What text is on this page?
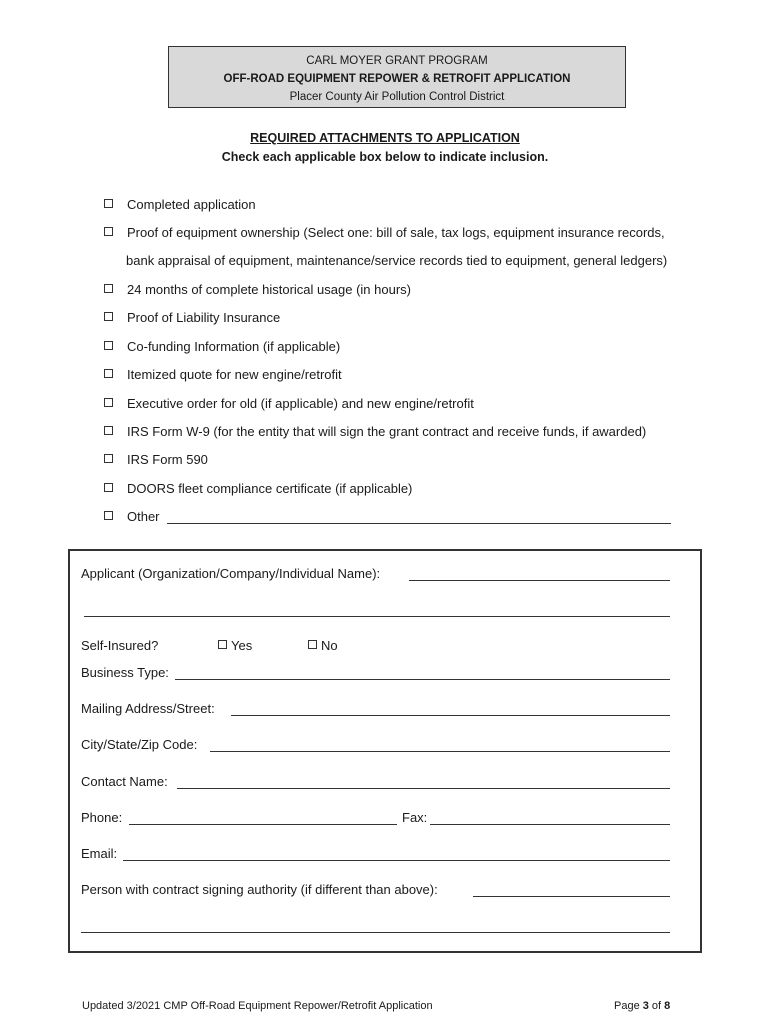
CARL MOYER GRANT PROGRAM
OFF-ROAD EQUIPMENT REPOWER & RETROFIT APPLICATION
Placer County Air Pollution Control District
REQUIRED ATTACHMENTS TO APPLICATION
Check each applicable box below to indicate inclusion.
Completed application
Proof of equipment ownership (Select one: bill of sale, tax logs, equipment insurance records,
bank appraisal of equipment, maintenance/service records tied to equipment, general ledgers)
24 months of complete historical usage (in hours)
Proof of Liability Insurance
Co-funding Information (if applicable)
Itemized quote for new engine/retrofit
Executive order for old (if applicable) and new engine/retrofit
IRS Form W-9 (for the entity that will sign the grant contract and receive funds, if awarded)
IRS Form 590
DOORS fleet compliance certificate (if applicable)
Other
Applicant (Organization/Company/Individual Name):
Self-Insured?	Yes	No
Business Type:
Mailing Address/Street:
City/State/Zip Code:
Contact Name:
Phone:	Fax:
Email:
Person with contract signing authority (if different than above):
Updated 3/2021 CMP Off-Road Equipment Repower/Retrofit Application	Page 3 of 8
